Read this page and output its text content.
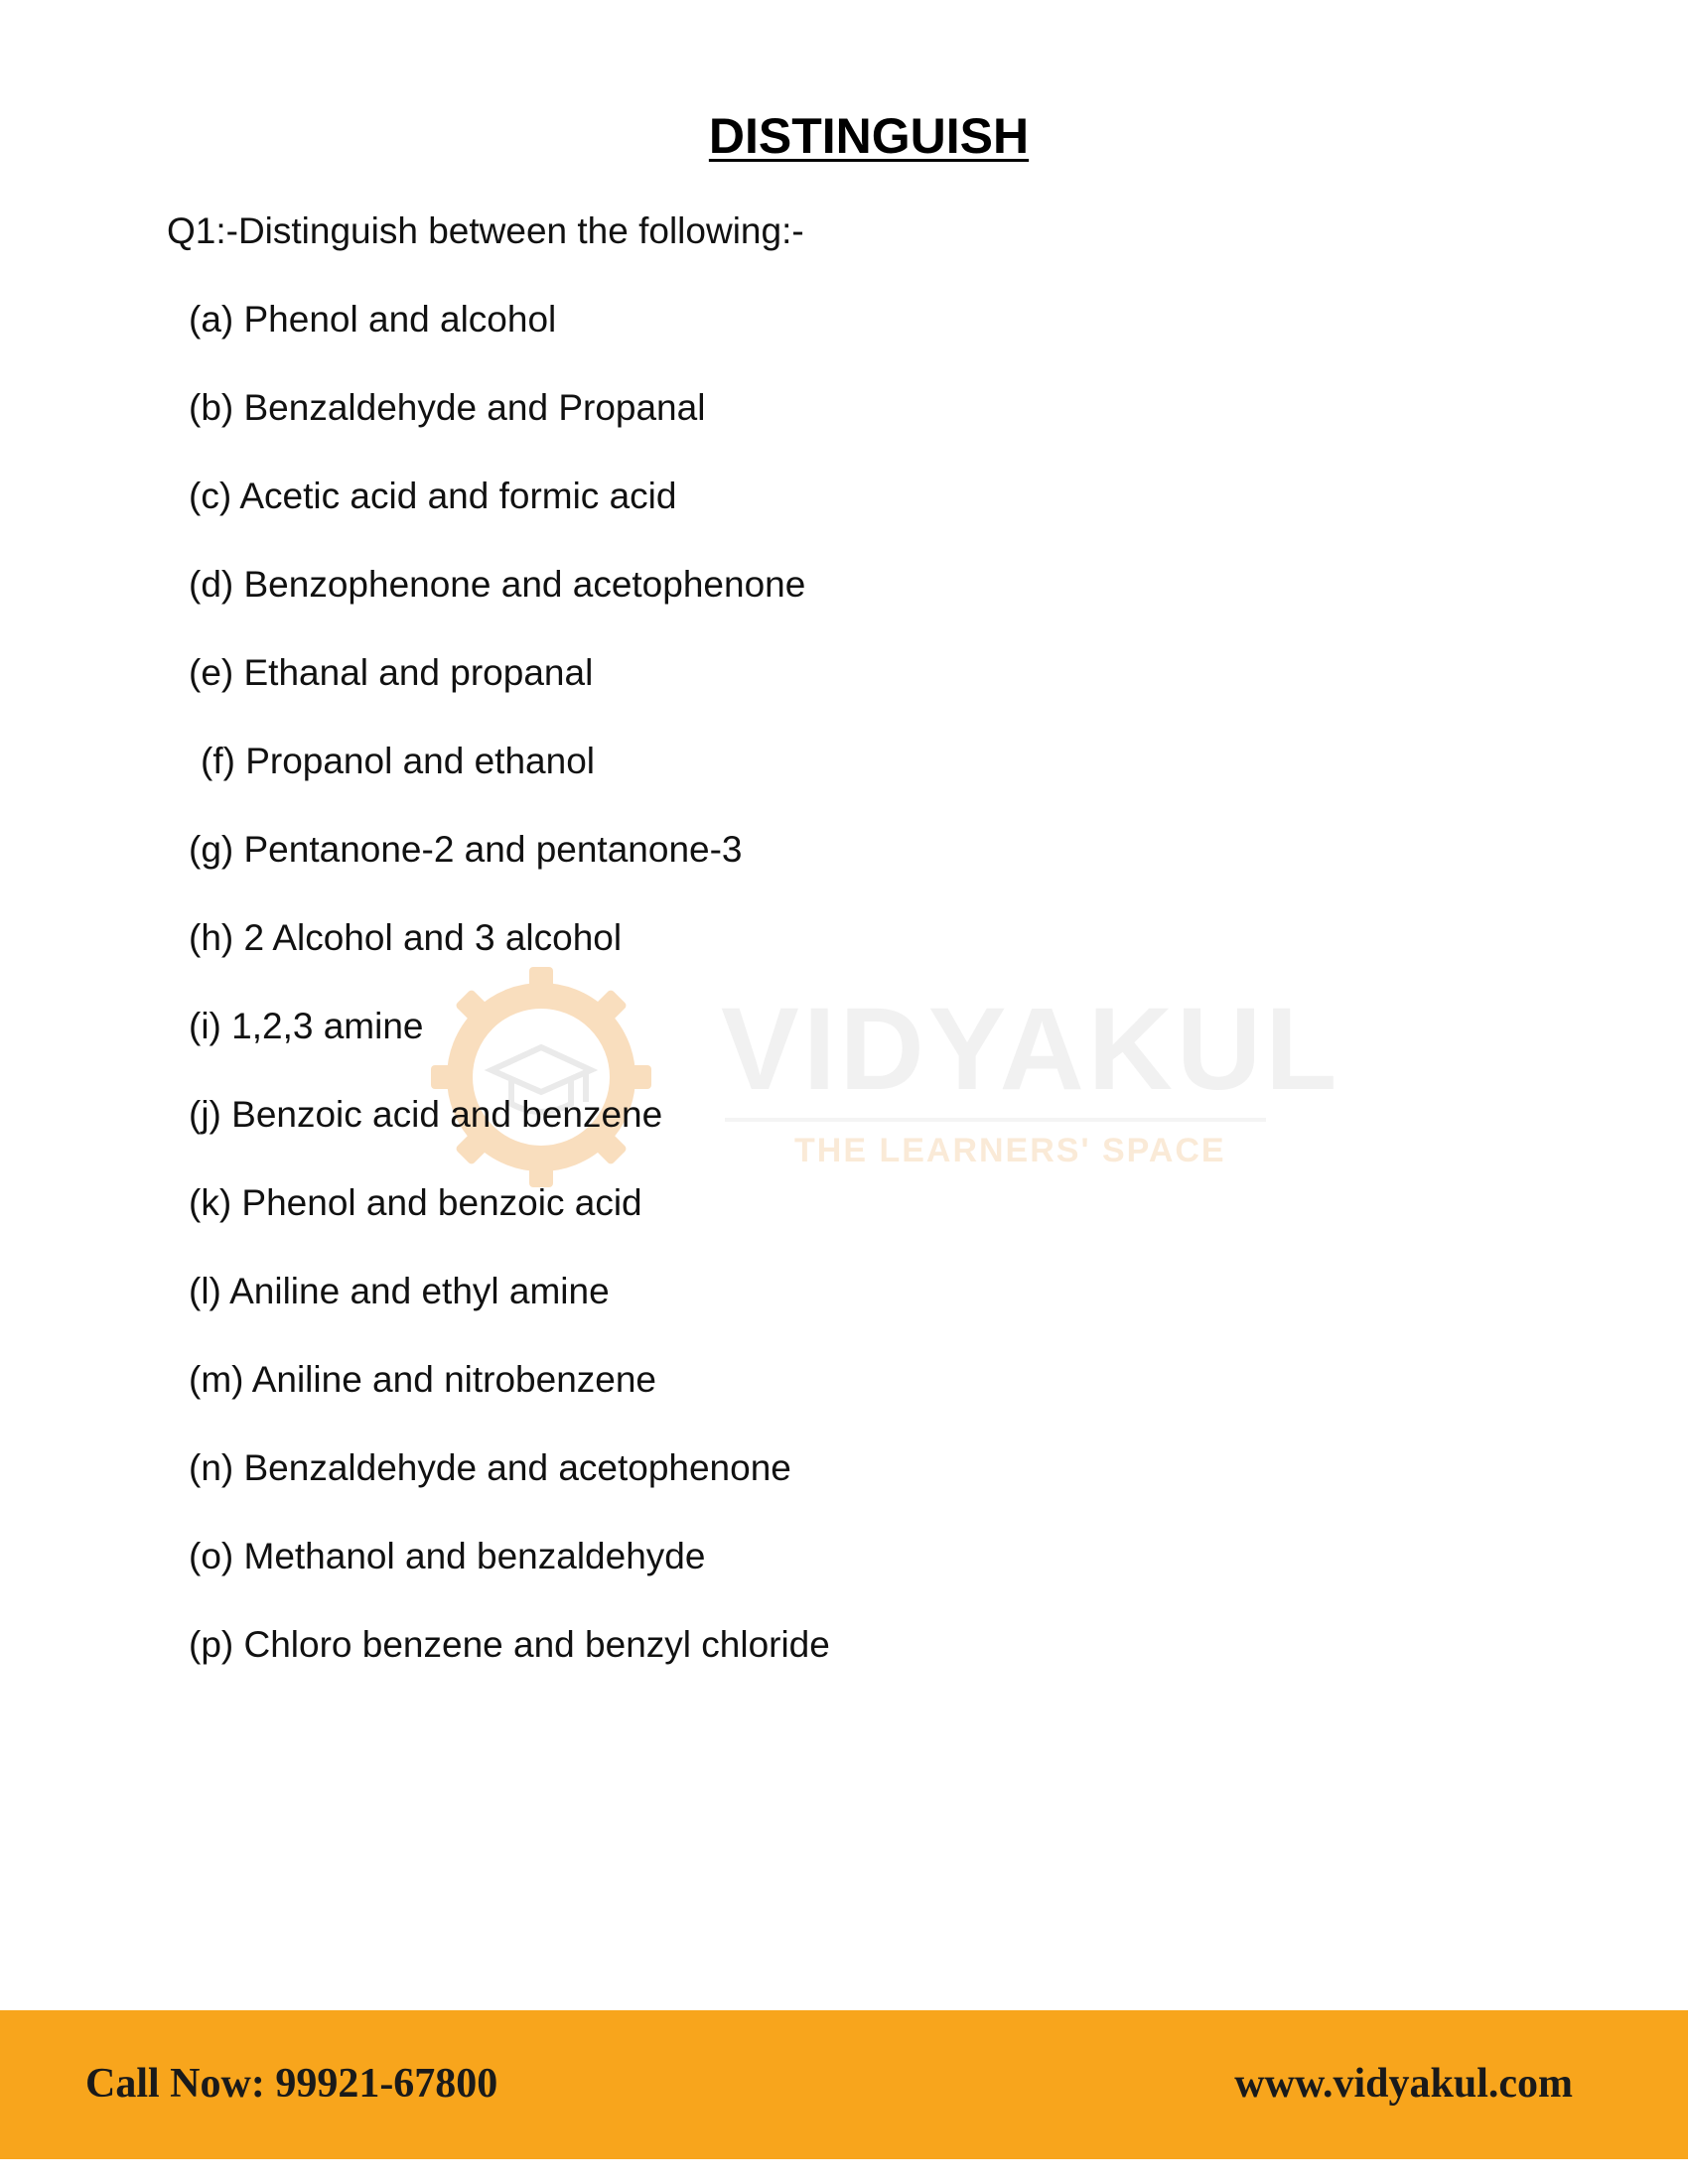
DISTINGUISH
Q1:-Distinguish between the following:-
VIDYAKUL
THE LEARNERS' SPACE
(a) Phenol and alcohol
(b) Benzaldehyde and Propanal
(c) Acetic acid and formic acid
(d) Benzophenone and acetophenone
(e) Ethanal and propanal
(f) Propanol and ethanol
(g) Pentanone-2 and pentanone-3
(h) 2 Alcohol and 3 alcohol
(i) 1,2,3 amine
(j) Benzoic acid and benzene
(k) Phenol and benzoic acid
(l) Aniline and ethyl amine
(m) Aniline and nitrobenzene
(n) Benzaldehyde and acetophenone
(o) Methanol and benzaldehyde
(p) Chloro benzene and benzyl chloride
Call Now: 99921-67800	www.vidyakul.com
